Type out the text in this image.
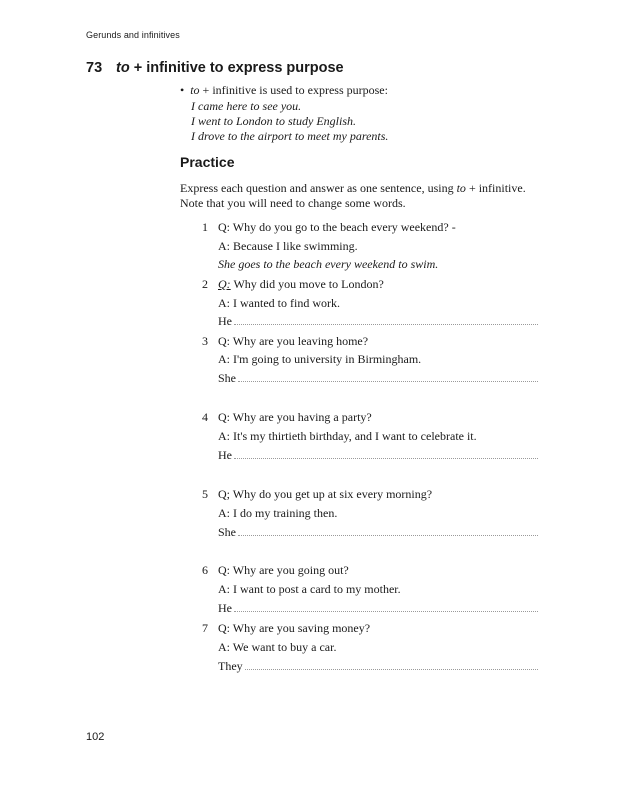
Gerunds and infinitives
73 to + infinitive to express purpose
• to + infinitive is used to express purpose:
I came here to see you.
I went to London to study English.
I drove to the airport to meet my parents.
Practice
Express each question and answer as one sentence, using to + infinitive.
Note that you will need to change some words.
1 Q: Why do you go to the beach every weekend? -
A: Because I like swimming.
She goes to the beach every weekend to swim.
2 Q: Why did you move to London?
A: I wanted to find work.
He
3 Q: Why are you leaving home?
A: I'm going to university in Birmingham.
She
4 Q: Why are you having a party?
A: It's my thirtieth birthday, and I want to celebrate it.
He
5 Q; Why do you get up at six every morning?
A: I do my training then.
She
6 Q: Why are you going out?
A: I want to post a card to my mother.
He
7 Q: Why are you saving money?
A: We want to buy a car.
They
102
